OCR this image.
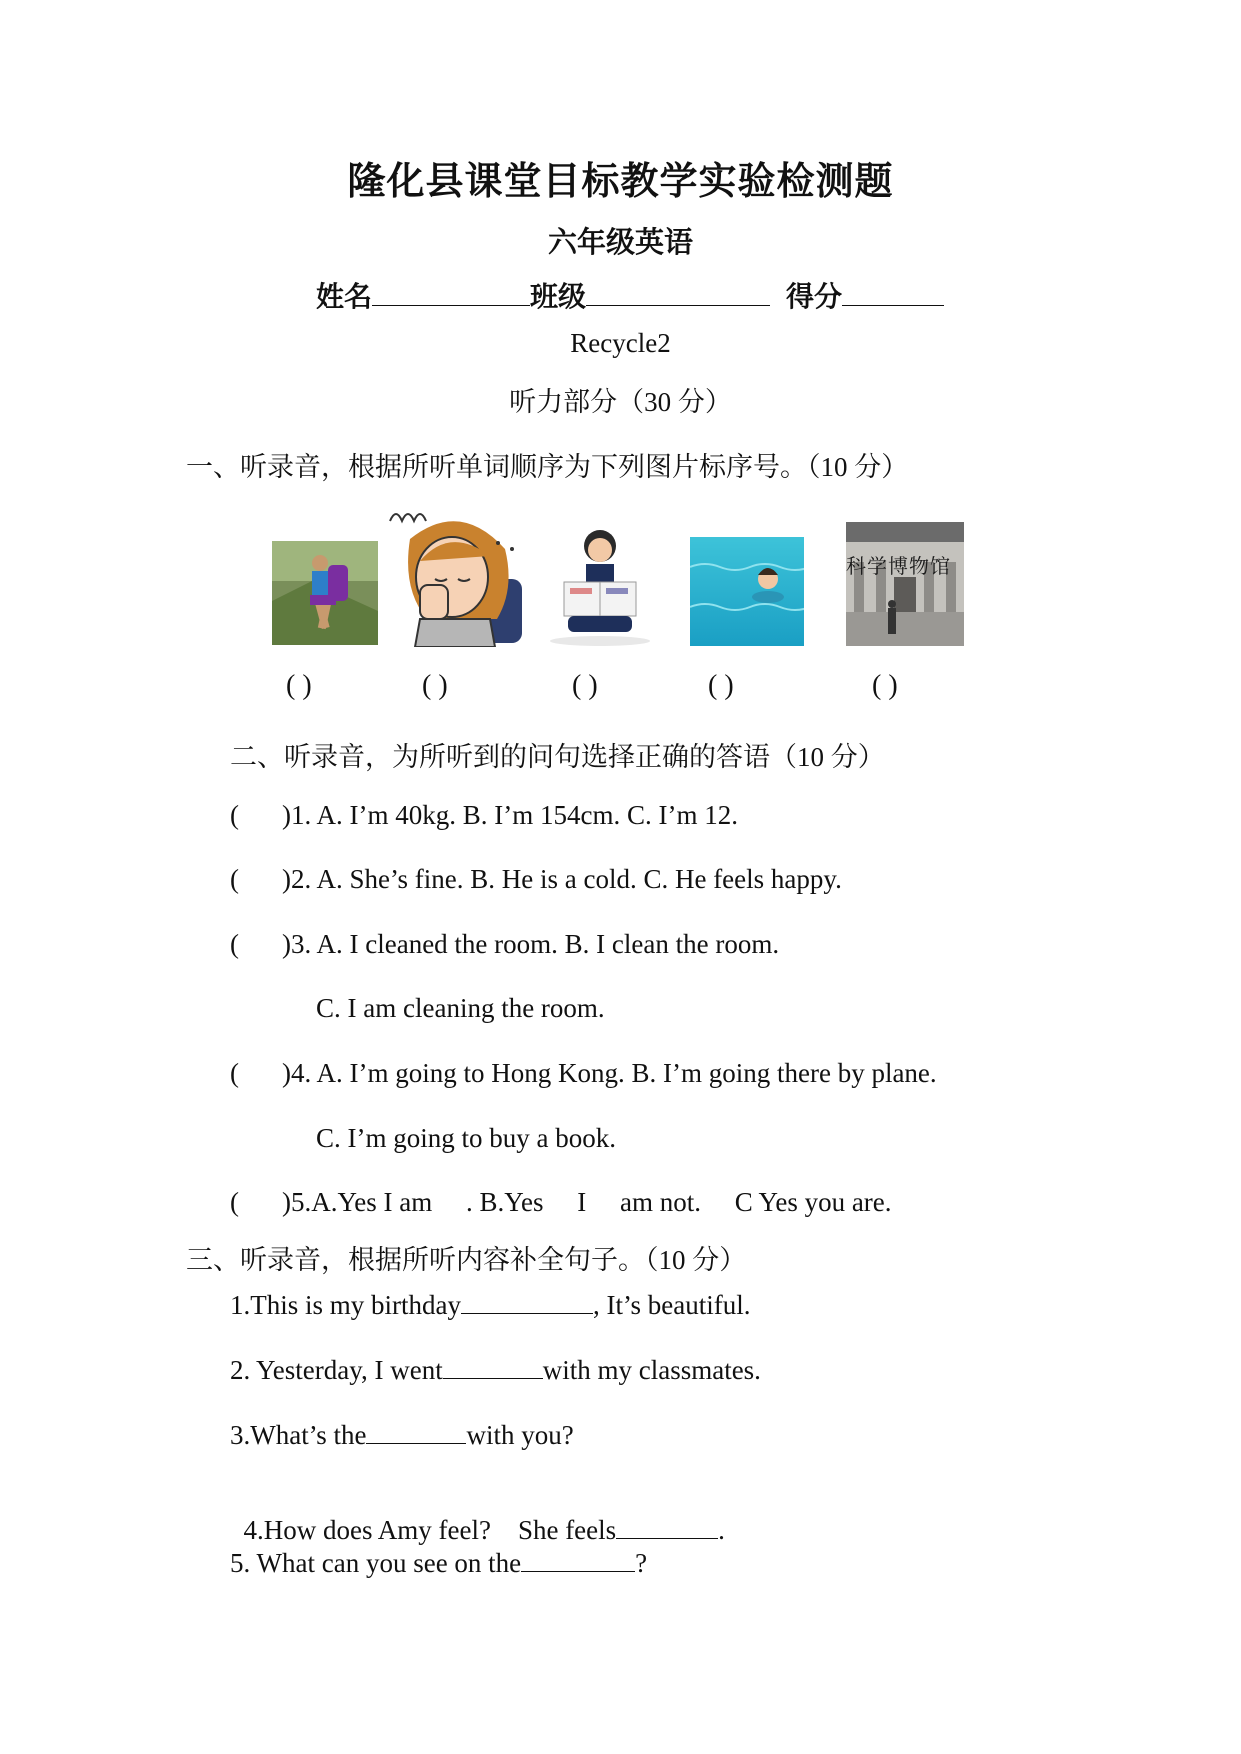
隆化县课堂目标教学实验检测题
六年级英语
姓名	班级	得分
Recycle2
听力部分（30 分）
一、听录音，根据所听单词顺序为下列图片标序号。（10 分）
科学博物馆
( )	( )	( )	( )	( )
二、听录音，为所听到的问句选择正确的答语（10 分）
( )1. A. I’m 40kg. B. I’m 154cm. C. I’m 12.
( )2. A. She’s fine. B. He is a cold. C. He feels happy.
( )3. A. I cleaned the room. B. I clean the room.
C. I am cleaning the room.
( )4. A. I’m going to Hong Kong. B. I’m going there by plane.
C. I’m going to buy a book.
( )5.A.Yes I am     . B.Yes     I     am not.     C Yes you are.
三、听录音，根据所听内容补全句子。（10 分）
1.This is my birthday	, It’s beautiful.
2. Yesterday, I went	with my classmates.
3.What’s the	with you?

4.How does Amy feel?    She feels	.

5. What can you see on the	?
